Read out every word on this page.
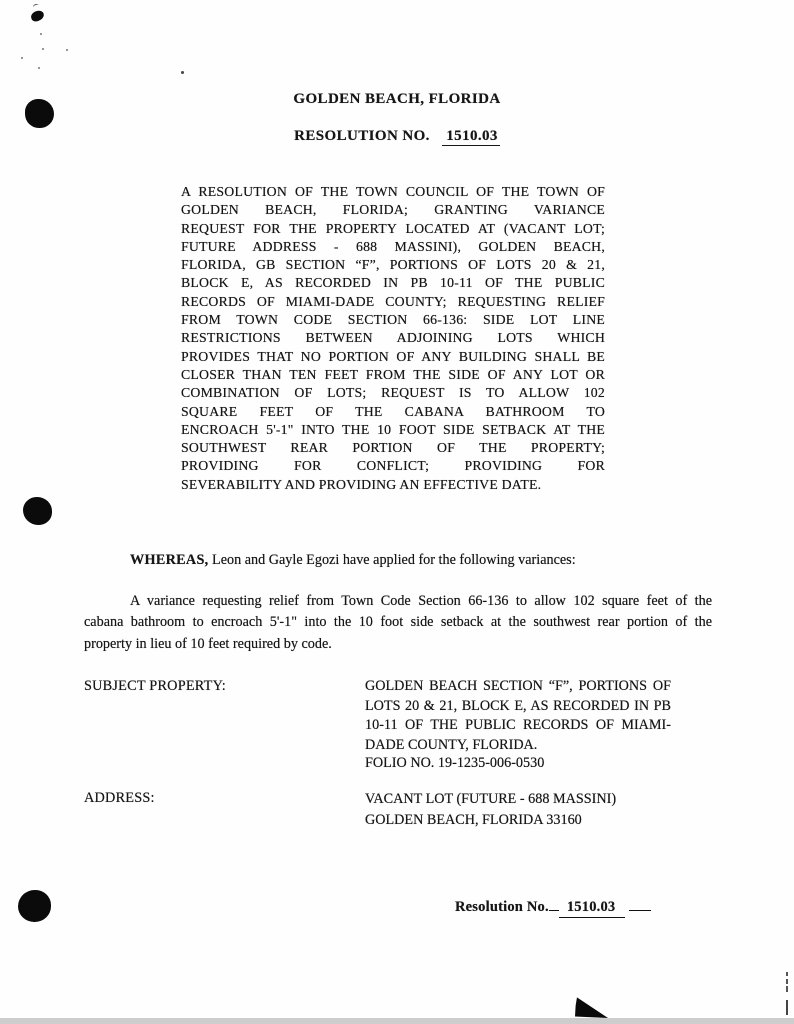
GOLDEN BEACH, FLORIDA
RESOLUTION NO. 1510.03
A RESOLUTION OF THE TOWN COUNCIL OF THE TOWN OF
GOLDEN BEACH, FLORIDA; GRANTING VARIANCE
REQUEST FOR THE PROPERTY LOCATED AT (VACANT LOT;
FUTURE ADDRESS - 688 MASSINI), GOLDEN BEACH,
FLORIDA, GB SECTION “F”, PORTIONS OF LOTS 20 & 21,
BLOCK E, AS RECORDED IN PB 10-11 OF THE PUBLIC
RECORDS OF MIAMI-DADE COUNTY; REQUESTING RELIEF
FROM TOWN CODE SECTION 66-136: SIDE LOT LINE
RESTRICTIONS BETWEEN ADJOINING LOTS WHICH
PROVIDES THAT NO PORTION OF ANY BUILDING SHALL BE
CLOSER THAN TEN FEET FROM THE SIDE OF ANY LOT OR
COMBINATION OF LOTS; REQUEST IS TO ALLOW 102
SQUARE FEET OF THE CABANA BATHROOM TO
ENCROACH 5'-1" INTO THE 10 FOOT SIDE SETBACK AT THE
SOUTHWEST REAR PORTION OF THE PROPERTY;
PROVIDING FOR CONFLICT; PROVIDING FOR
SEVERABILITY AND PROVIDING AN EFFECTIVE DATE.
WHEREAS, Leon and Gayle Egozi have applied for the following variances:
A variance requesting relief from Town Code Section 66-136 to allow 102 square feet of the
cabana bathroom to encroach 5'-1" into the 10 foot side setback at the southwest rear portion of the
property in lieu of 10 feet required by code.
SUBJECT PROPERTY:	GOLDEN BEACH SECTION “F”, PORTIONS OF
LOTS 20 & 21, BLOCK E, AS RECORDED IN PB
10-11 OF THE PUBLIC RECORDS OF MIAMI-
DADE COUNTY, FLORIDA.
FOLIO NO. 19-1235-006-0530
ADDRESS:	VACANT LOT (FUTURE - 688 MASSINI)
GOLDEN BEACH, FLORIDA 33160
Resolution No. 1510.03
